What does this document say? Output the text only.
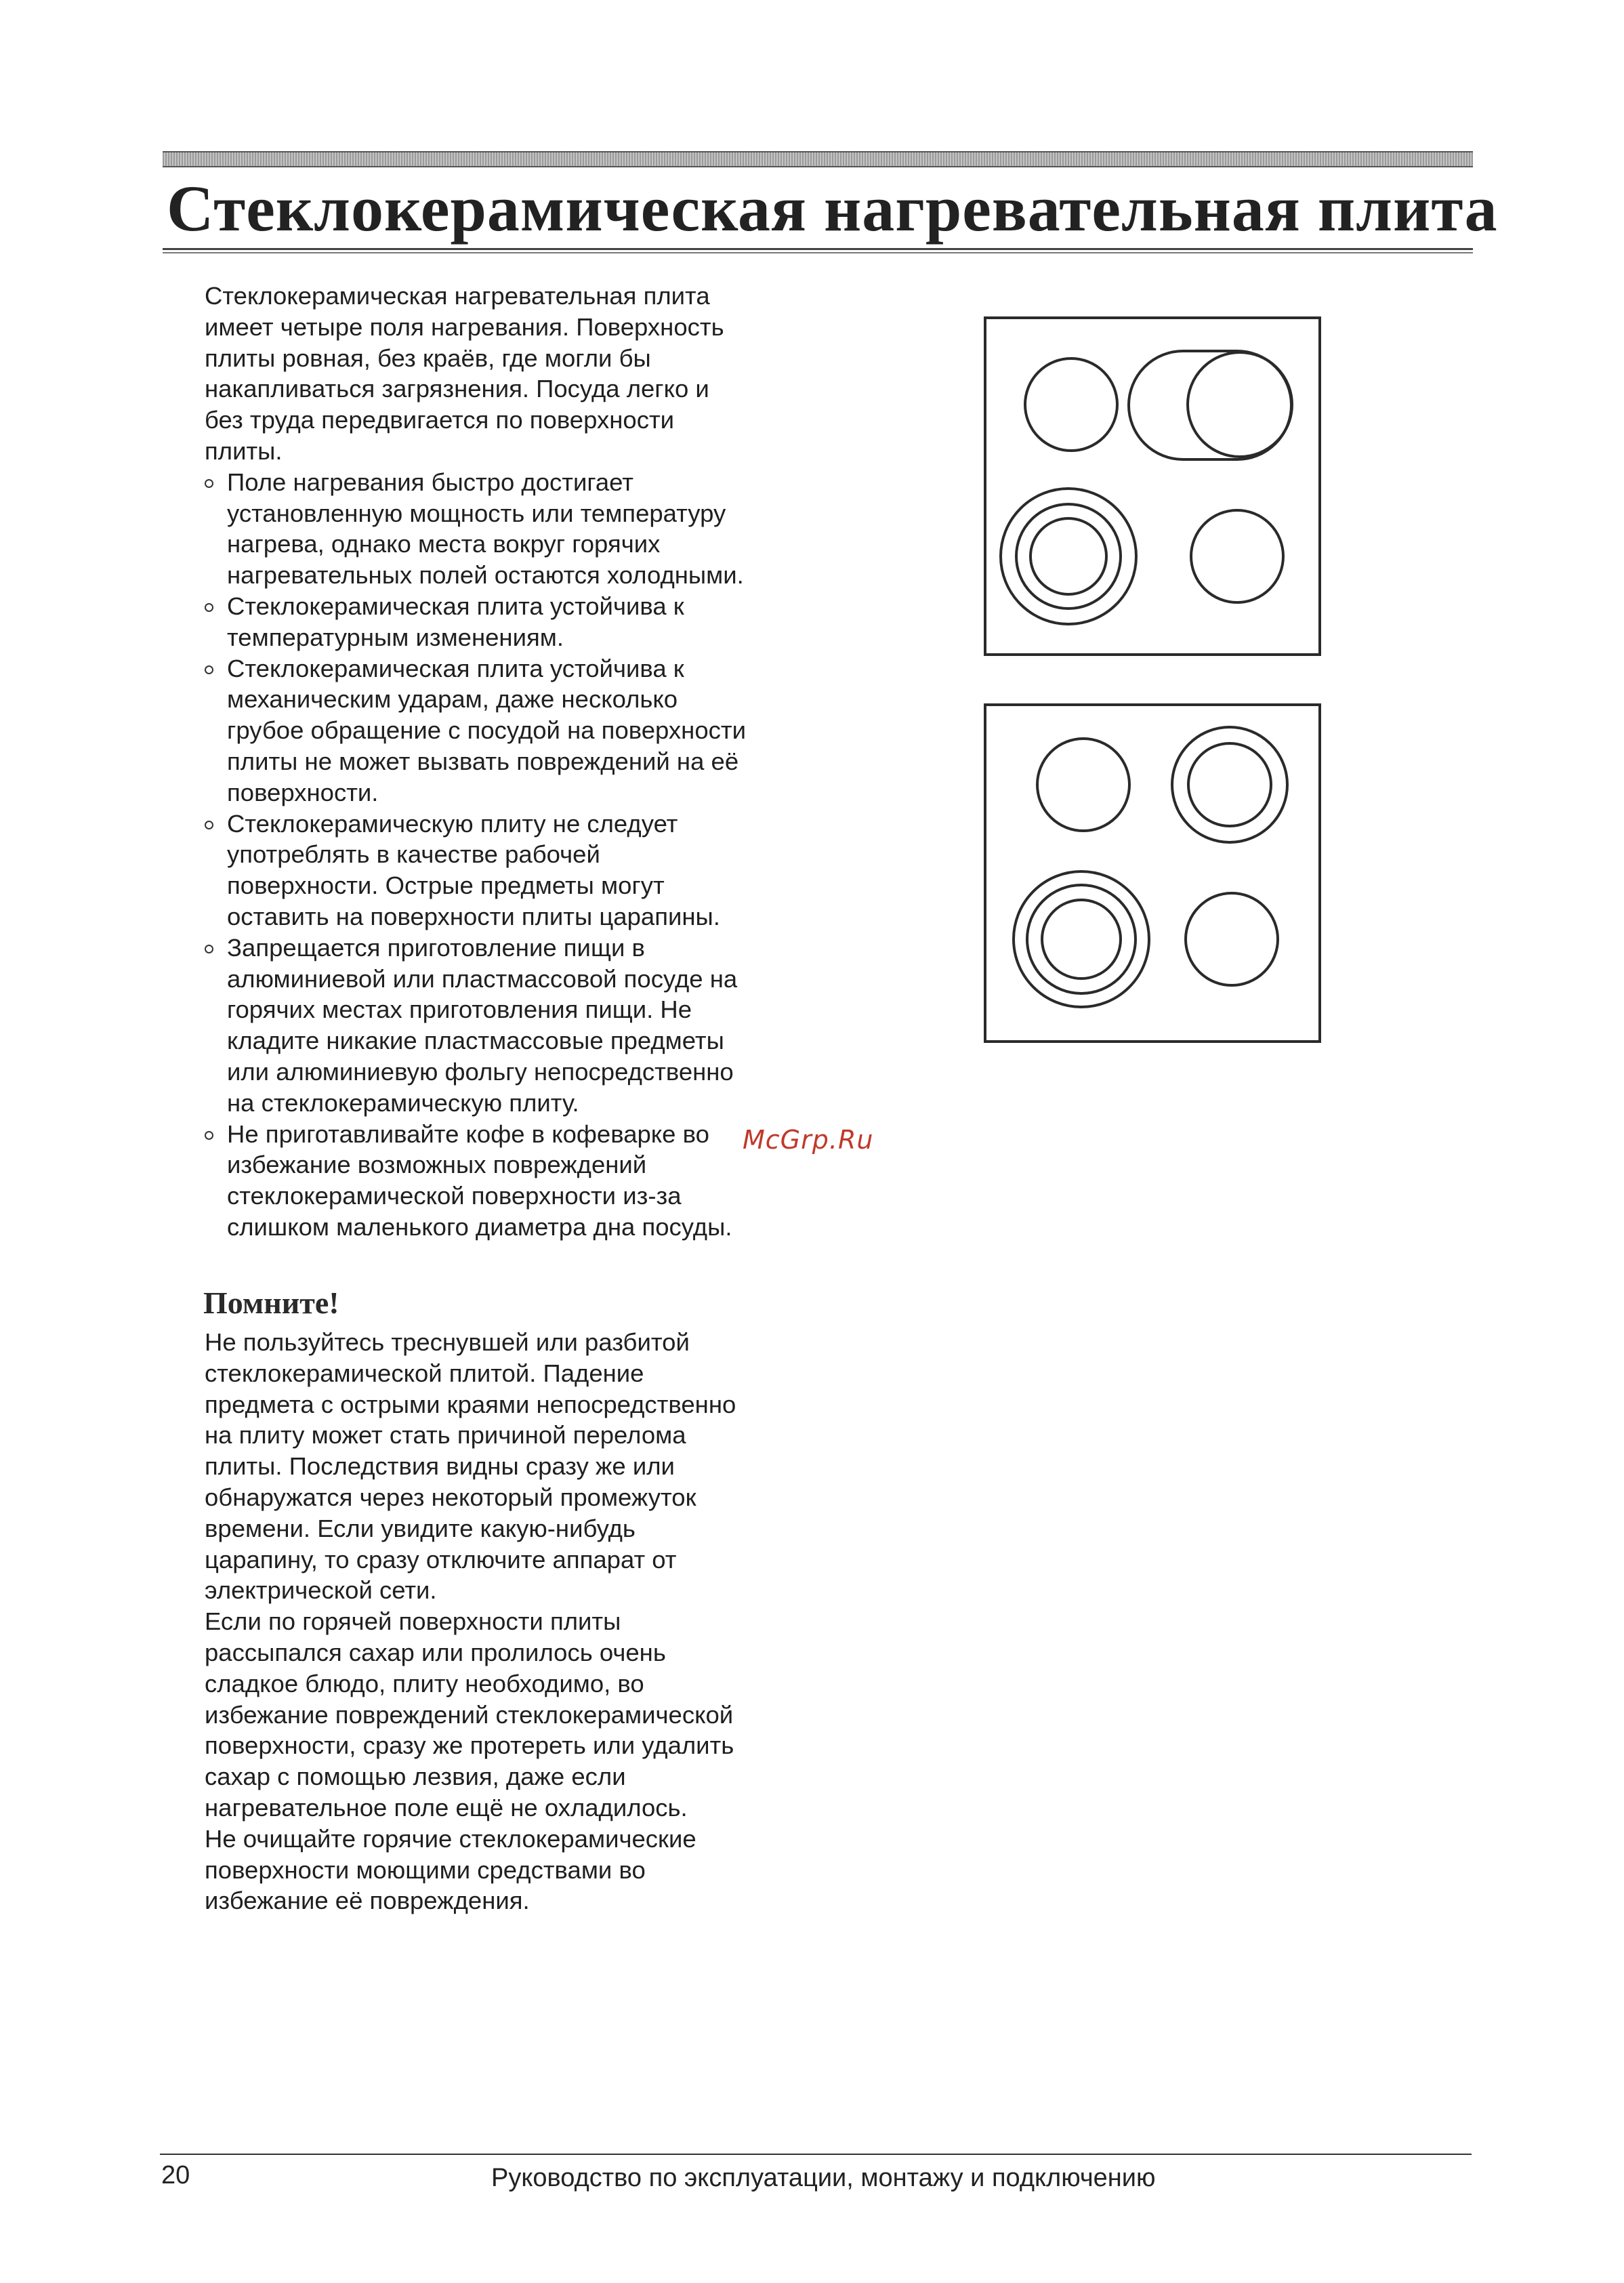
Стеклокерамическая нагревательная плита

Стеклокерамическая нагревательная плита
имеет четыре поля нагревания. Поверхность
плиты ровная, без краёв, где могли бы
накапливаться загрязнения. Посуда легко и
без труда передвигается по поверхности
плиты.

Поле нагревания быстро достигает
установленную мощность или температуру
нагрева, однако места вокруг горячих
нагревательных полей остаются холодными.
Стеклокерамическая плита устойчива к
температурным изменениям.
Стеклокерамическая плита устойчива к
механическим ударам, даже несколько
грубое обращение с посудой на поверхности
плиты не может вызвать повреждений на её
поверхности.
Стеклокерамическую плиту не следует
употреблять в качестве рабочей
поверхности. Острые предметы могут
оставить на поверхности плиты царапины.
Запрещается приготовление пищи в
алюминиевой или пластмассовой посуде на
горячих местах приготовления пищи. Не
кладите никакие пластмассовые предметы
или алюминиевую фольгу непосредственно
на стеклокерамическую плиту.
Не приготавливайте кофе в кофеварке во
избежание возможных повреждений
стеклокерамической поверхности из-за
слишком маленького диаметра дна посуды.
McGrp.Ru
Помните!

Не пользуйтесь треснувшей или разбитой
стеклокерамической плитой. Падение
предмета с острыми краями непосредственно
на плиту может стать причиной перелома
плиты. Последствия видны сразу же или
обнаружатся через некоторый промежуток
времени. Если увидите какую-нибудь
царапину, то сразу отключите аппарат от
электрической сети.
Если по горячей поверхности плиты
рассыпался сахар или пролилось очень
сладкое блюдо, плиту необходимо, во
избежание повреждений стеклокерамической
поверхности, сразу же протереть или удалить
сахар с помощью лезвия, даже если
нагревательное поле ещё не охладилось.
Не очищайте горячие стеклокерамические
поверхности моющими средствами во
избежание её повреждения.

20	Руководство по эксплуатации, монтажу и подключению
